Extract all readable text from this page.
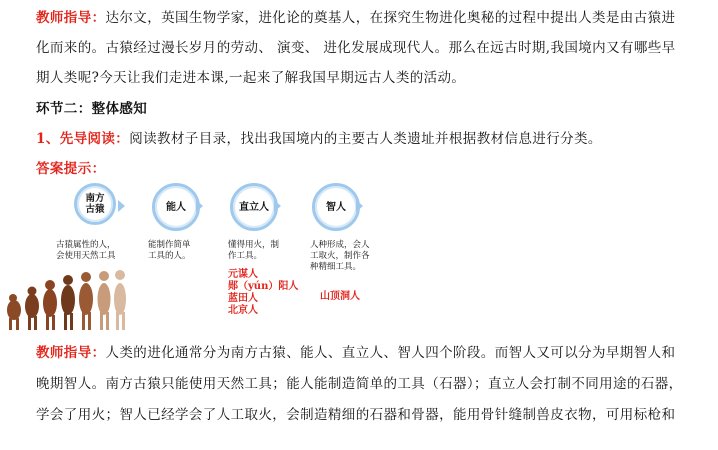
教师指导：达尔文，英国生物学家，进化论的奠基人，在探究生物进化奥秘的过程中提出人类是由古猿进
化而来的。古猿经过漫长岁月的劳动、 演变、 进化发展成现代人。那么在远古时期,我国境内又有哪些早
期人类呢?今天让我们走进本课,一起来了解我国早期远古人类的活动。
环节二：整体感知
1、先导阅读：阅读教材子目录，找出我国境内的主要古人类遗址并根据教材信息进行分类。
答案提示：
南方古猿
古猿属性的人，
会使用天然工具
能人
能制作简单
工具的人。
直立人
懂得用火，制
作工具。
元谋人
郧（yún）阳人
蓝田人
北京人
智人
人种形成，会人
工取火，制作各
种精细工具。
山顶洞人
教师指导：人类的进化通常分为南方古猿、能人、直立人、智人四个阶段。而智人又可以分为早期智人和
晚期智人。南方古猿只能使用天然工具；能人能制造简单的工具（石器）；直立人会打制不同用途的石器，
学会了用火；智人已经学会了人工取火，会制造精细的石器和骨器，能用骨针缝制兽皮衣物，可用标枪和
